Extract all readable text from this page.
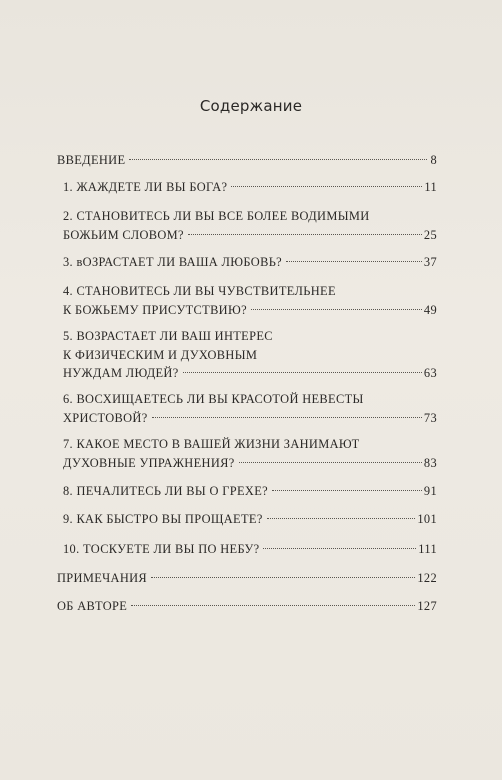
Содержание
ВВЕДЕНИЕ	8
1. ЖАЖДЕТЕ ЛИ ВЫ БОГА?	11
2. СТАНОВИТЕСЬ ЛИ ВЫ ВСЕ БОЛЕЕ ВОДИМЫМИ
БОЖЬИМ СЛОВОМ?	25
3. вОЗРАСТАЕТ ЛИ ВАША ЛЮБОВЬ?	37
4. СТАНОВИТЕСЬ ЛИ ВЫ ЧУВСТВИТЕЛЬНЕЕ
К БОЖЬЕМУ ПРИСУТСТВИЮ?	49
5. ВОЗРАСТАЕТ ЛИ ВАШ ИНТЕРЕС
К ФИЗИЧЕСКИМ И ДУХОВНЫМ
НУЖДАМ ЛЮДЕЙ?	63
6. ВОСХИЩАЕТЕСЬ ЛИ ВЫ КРАСОТОЙ НЕВЕСТЫ
ХРИСТОВОЙ?	73
7. КАКОЕ МЕСТО В ВАШЕЙ ЖИЗНИ ЗАНИМАЮТ
ДУХОВНЫЕ УПРАЖНЕНИЯ?	83
8. ПЕЧАЛИТЕСЬ ЛИ ВЫ О ГРЕХЕ?	91
9. КАК БЫСТРО ВЫ ПРОЩАЕТЕ?	101
10. ТОСКУЕТЕ ЛИ ВЫ ПО НЕБУ?	111
ПРИМЕЧАНИЯ	122
ОБ АВТОРЕ	127
